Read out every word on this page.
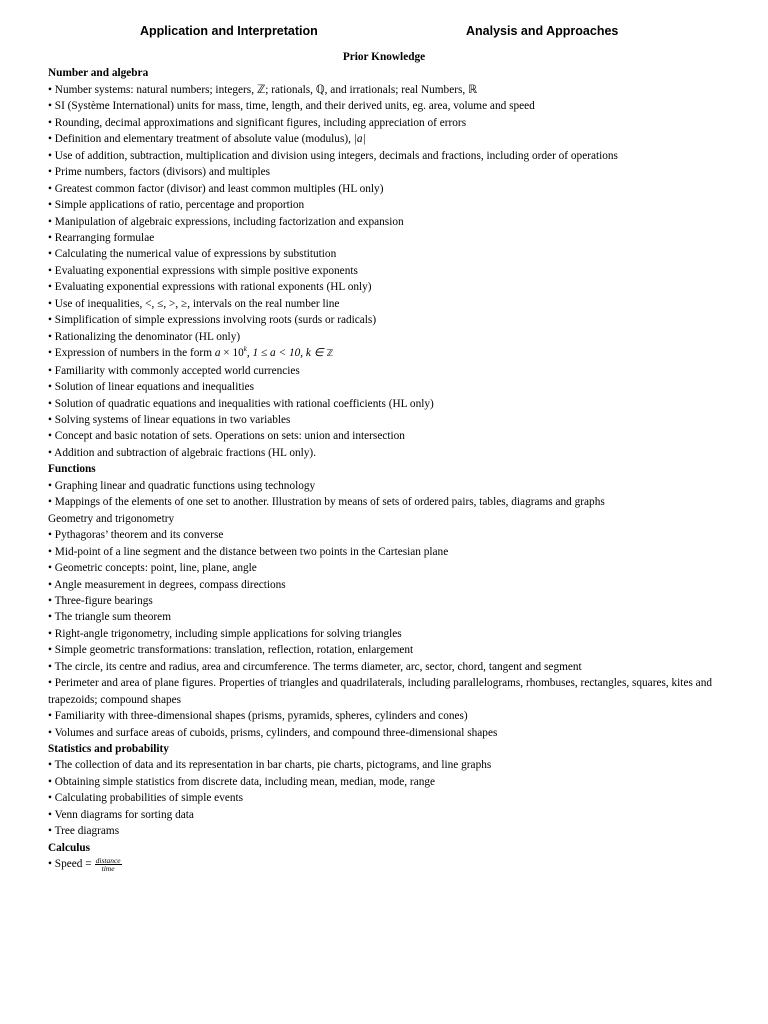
Application and Interpretation	Analysis and Approaches
Prior Knowledge
Number and algebra
• Number systems: natural numbers; integers, ℤ; rationals, ℚ, and irrationals; real Numbers, ℝ
• SI (Système International) units for mass, time, length, and their derived units, eg. area, volume and speed
• Rounding, decimal approximations and significant figures, including appreciation of errors
• Definition and elementary treatment of absolute value (modulus), |a|
• Use of addition, subtraction, multiplication and division using integers, decimals and fractions, including order of operations
• Prime numbers, factors (divisors) and multiples
• Greatest common factor (divisor) and least common multiples (HL only)
• Simple applications of ratio, percentage and proportion
• Manipulation of algebraic expressions, including factorization and expansion
• Rearranging formulae
• Calculating the numerical value of expressions by substitution
• Evaluating exponential expressions with simple positive exponents
• Evaluating exponential expressions with rational exponents (HL only)
• Use of inequalities, <, ≤, >, ≥, intervals on the real number line
• Simplification of simple expressions involving roots (surds or radicals)
• Rationalizing the denominator (HL only)
• Expression of numbers in the form $a \times 10^k$, 1 ≤ a < 10, k ∈ ℤ
• Familiarity with commonly accepted world currencies
• Solution of linear equations and inequalities
• Solution of quadratic equations and inequalities with rational coefficients (HL only)
• Solving systems of linear equations in two variables
• Concept and basic notation of sets. Operations on sets: union and intersection
• Addition and subtraction of algebraic fractions (HL only).
Functions
• Graphing linear and quadratic functions using technology
• Mappings of the elements of one set to another. Illustration by means of sets of ordered pairs, tables, diagrams and graphs
Geometry and trigonometry
• Pythagoras’ theorem and its converse
• Mid-point of a line segment and the distance between two points in the Cartesian plane
• Geometric concepts: point, line, plane, angle
• Angle measurement in degrees, compass directions
• Three-figure bearings
• The triangle sum theorem
• Right-angle trigonometry, including simple applications for solving triangles
• Simple geometric transformations: translation, reflection, rotation, enlargement
• The circle, its centre and radius, area and circumference. The terms diameter, arc, sector, chord, tangent and segment
• Perimeter and area of plane figures. Properties of triangles and quadrilaterals, including parallelograms, rhombuses, rectangles, squares, kites and trapezoids; compound shapes
• Familiarity with three-dimensional shapes (prisms, pyramids, spheres, cylinders and cones)
• Volumes and surface areas of cuboids, prisms, cylinders, and compound three-dimensional shapes
Statistics and probability
• The collection of data and its representation in bar charts, pie charts, pictograms, and line graphs
• Obtaining simple statistics from discrete data, including mean, median, mode, range
• Calculating probabilities of simple events
• Venn diagrams for sorting data
• Tree diagrams
Calculus
• Speed = $\frac{\text{distance}}{\text{time}}$
